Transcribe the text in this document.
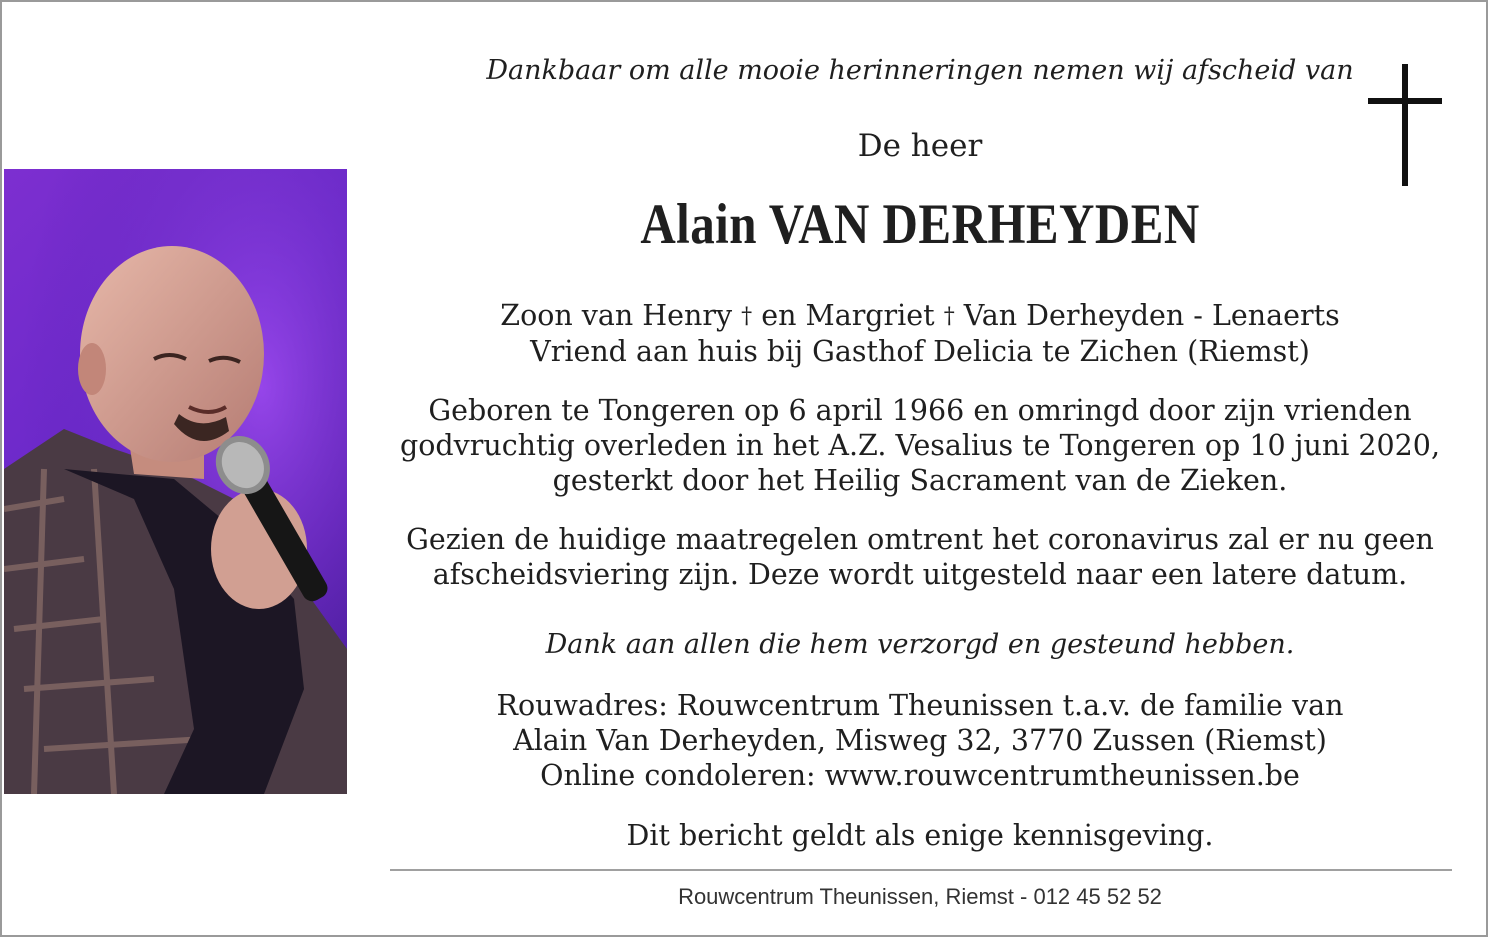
Dankbaar om alle mooie herinneringen nemen wij afscheid van
De heer
Alain VAN DERHEYDEN
Zoon van Henry † en Margriet † Van Derheyden - Lenaerts
Vriend aan huis bij Gasthof Delicia te Zichen (Riemst)
Geboren te Tongeren op 6 april 1966 en omringd door zijn vrienden
godvruchtig overleden in het A.Z. Vesalius te Tongeren op 10 juni 2020,
gesterkt door het Heilig Sacrament van de Zieken.
Gezien de huidige maatregelen omtrent het coronavirus zal er nu geen
afscheidsviering zijn. Deze wordt uitgesteld naar een latere datum.
Dank aan allen die hem verzorgd en gesteund hebben.
Rouwadres: Rouwcentrum Theunissen t.a.v. de familie van
Alain Van Derheyden, Misweg 32, 3770 Zussen (Riemst)
Online condoleren: www.rouwcentrumtheunissen.be
Dit bericht geldt als enige kennisgeving.
Rouwcentrum Theunissen, Riemst - 012 45 52 52
